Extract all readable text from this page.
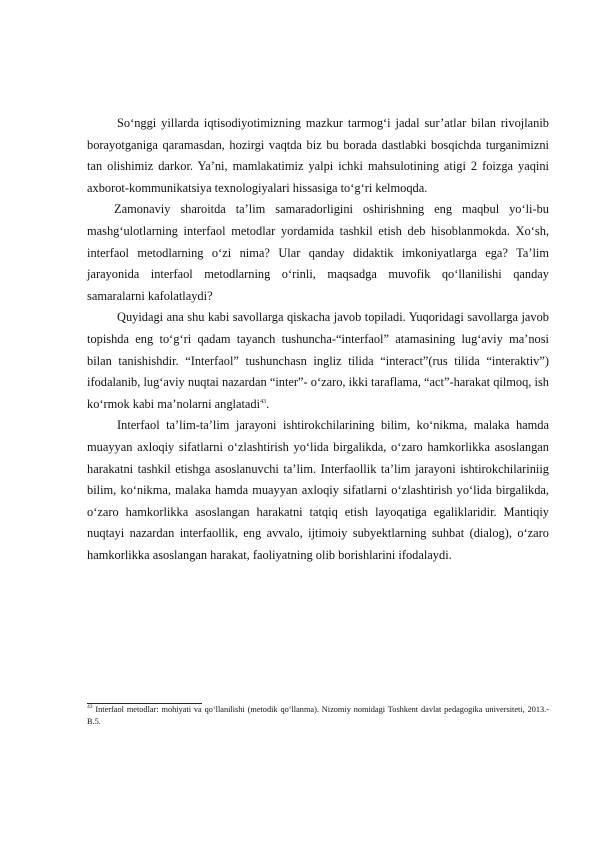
So‘nggi yillarda iqtisodiyotimizning mazkur tarmog‘i jadal sur’atlar bilan rivojlanib borayotganiga qaramasdan, hozirgi vaqtda biz bu borada dastlabki bosqichda turganimizni tan olishimiz darkor. Ya’ni, mamlakatimiz yalpi ichki mahsulotining atigi 2 foizga yaqini axborot-kommunikatsiya texnologiyalari hissasiga to‘g‘ri kelmoqda.

Zamonaviy sharoitda ta’lim samaradorligini oshirishning eng maqbul yo‘li-bu mashg‘ulotlarning interfaol metodlar yordamida tashkil etish deb hisoblanmokda. Xo‘sh, interfaol metodlarning o‘zi nima? Ular qanday didaktik imkoniyatlarga ega? Ta’lim jarayonida interfaol metodlarning o‘rinli, maqsadga muvofik qo‘llanilishi qanday samaralarni kafolatlaydi?

Quyidagi ana shu kabi savollarga qiskacha javob topiladi. Yuqoridagi savollarga javob topishda eng to‘g‘ri qadam tayanch tushuncha-“interfaol” atamasining lug‘aviy ma’nosi bilan tanishishdir. “Interfaol” tushunchasn ingliz tilida “interact”(rus tilida “interaktiv”) ifodalanib, lug‘aviy nuqtai nazardan “inter”- o‘zaro, ikki taraflama, “act”-harakat qilmoq, ish ko‘rmok kabi ma’nolarni anglatadi$^{43}$.

Interfaol ta’lim-ta’lim jarayoni ishtirokchilarining bilim, ko‘nikma, malaka hamda muayyan axloqiy sifatlarni o‘zlashtirish yo‘lida birgalikda, o‘zaro hamkorlikka asoslangan harakatni tashkil etishga asoslanuvchi ta’lim. Interfaollik ta’lim jarayoni ishtirokchilariniig bilim, ko‘nikma, malaka hamda muayyan axloqiy sifatlarni o‘zlashtirish yo‘lida birgalikda, o‘zaro hamkorlikka asoslangan harakatni tatqiq etish layoqatiga egaliklaridir. Mantiqiy nuqtayi nazardan interfaollik, eng avvalo, ijtimoiy subyektlarning suhbat (dialog), o‘zaro hamkorlikka asoslangan harakat, faoliyatning olib borishlarini ifodalaydi.

$^{43}$ Interfaol metodlar: mohiyati va qo‘llanilishi (metodik qo‘llanma). Nizomiy nomidagi Toshkent davlat pedagogika universiteti, 2013.-B.5.
